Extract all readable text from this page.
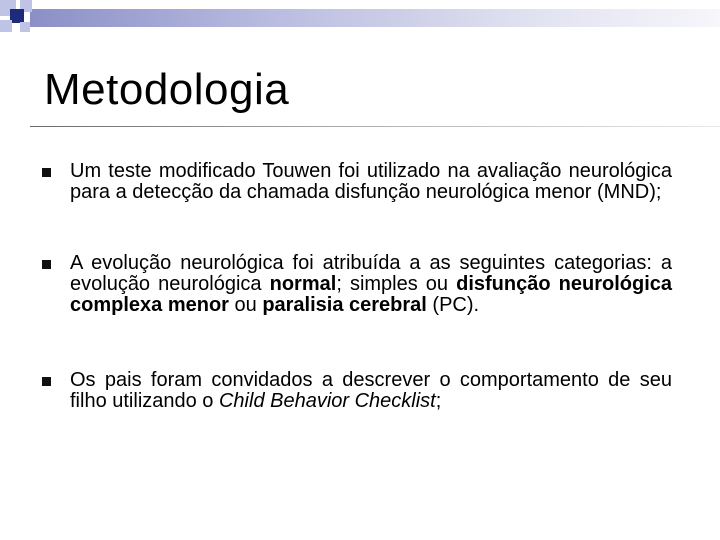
Metodologia
Um teste modificado Touwen foi utilizado na avaliação neurológica para a detecção da chamada disfunção neurológica menor (MND);
A evolução neurológica foi atribuída a as seguintes categorias: a evolução neurológica normal; simples ou disfunção neurológica complexa menor ou paralisia cerebral (PC).
Os pais foram convidados a descrever o comportamento de seu filho utilizando o Child Behavior Checklist;
